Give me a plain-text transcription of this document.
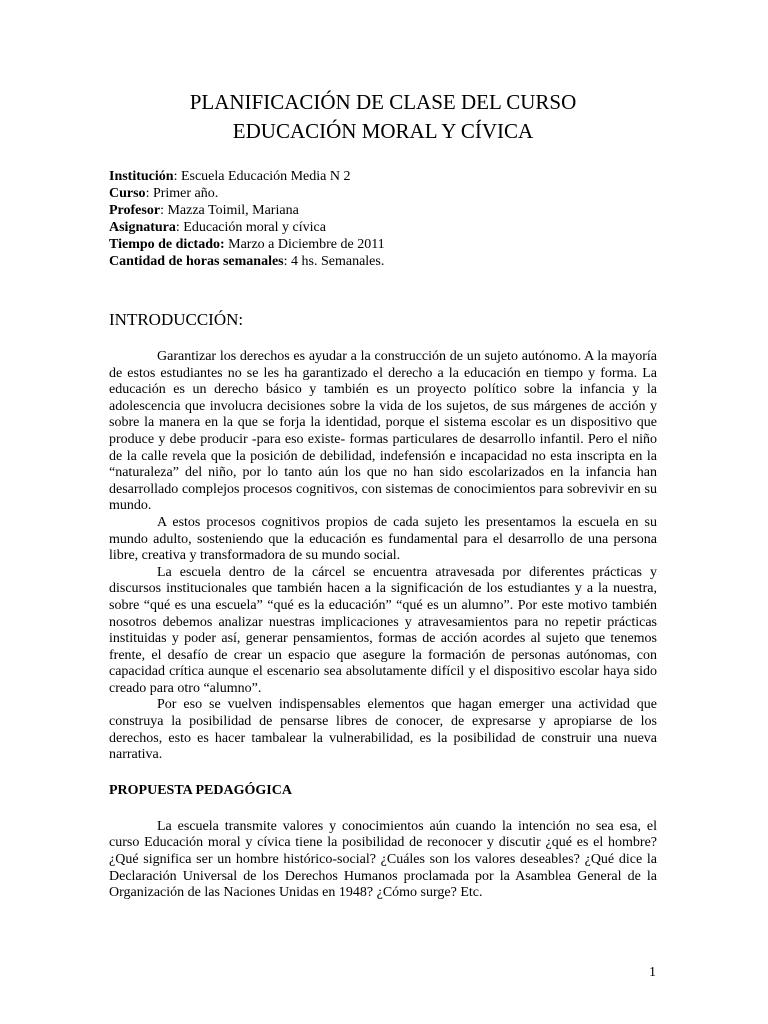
PLANIFICACIÓN DE CLASE DEL CURSO
EDUCACIÓN MORAL Y CÍVICA
Institución: Escuela Educación Media N 2
Curso: Primer año.
Profesor: Mazza Toimil, Mariana
Asignatura: Educación moral y cívica
Tiempo de dictado: Marzo a Diciembre de 2011
Cantidad de horas semanales: 4 hs. Semanales.
INTRODUCCIÓN:

Garantizar los derechos es ayudar a la construcción de un sujeto autónomo. A la mayoría de estos estudiantes no se les ha garantizado el derecho a la educación en tiempo y forma. La educación es un derecho básico y también es un proyecto político sobre la infancia y la adolescencia que involucra decisiones sobre la vida de los sujetos, de sus márgenes de acción y sobre la manera en la que se forja la identidad, porque el sistema escolar es un dispositivo que produce y debe producir -para eso existe- formas particulares de desarrollo infantil. Pero el niño de la calle revela que la posición de debilidad, indefensión e incapacidad no esta inscripta en la “naturaleza” del niño, por lo tanto aún los que no han sido escolarizados en la infancia han desarrollado complejos procesos cognitivos, con sistemas de conocimientos para sobrevivir en su mundo.

A estos procesos cognitivos propios de cada sujeto les presentamos la escuela en su mundo adulto, sosteniendo que la educación es fundamental para el desarrollo de una persona libre, creativa y transformadora de su mundo social.

La escuela dentro de la cárcel se encuentra atravesada por diferentes prácticas y discursos institucionales que también hacen a la significación de los estudiantes y a la nuestra, sobre “qué es una escuela” “qué es la educación” “qué es un alumno”. Por este motivo también nosotros debemos analizar nuestras implicaciones y atravesamientos para no repetir prácticas instituidas y poder así, generar pensamientos, formas de acción acordes al sujeto que tenemos frente, el desafío de crear un espacio que asegure la formación de personas autónomas, con capacidad crítica aunque el escenario sea absolutamente difícil y el dispositivo escolar haya sido creado para otro “alumno”.

Por eso se vuelven indispensables elementos que hagan emerger una actividad que construya la posibilidad de pensarse libres de conocer, de expresarse y apropiarse de los derechos, esto es hacer tambalear la vulnerabilidad, es la posibilidad de construir una nueva narrativa.

PROPUESTA PEDAGÓGICA

La escuela transmite valores y conocimientos aún cuando la intención no sea esa, el curso Educación moral y cívica tiene la posibilidad de reconocer y discutir ¿qué es el hombre? ¿Qué significa ser un hombre histórico-social? ¿Cuáles son los valores deseables? ¿Qué dice la Declaración Universal de los Derechos Humanos proclamada por la Asamblea General de la Organización de las Naciones Unidas en 1948? ¿Cómo surge? Etc.

1
